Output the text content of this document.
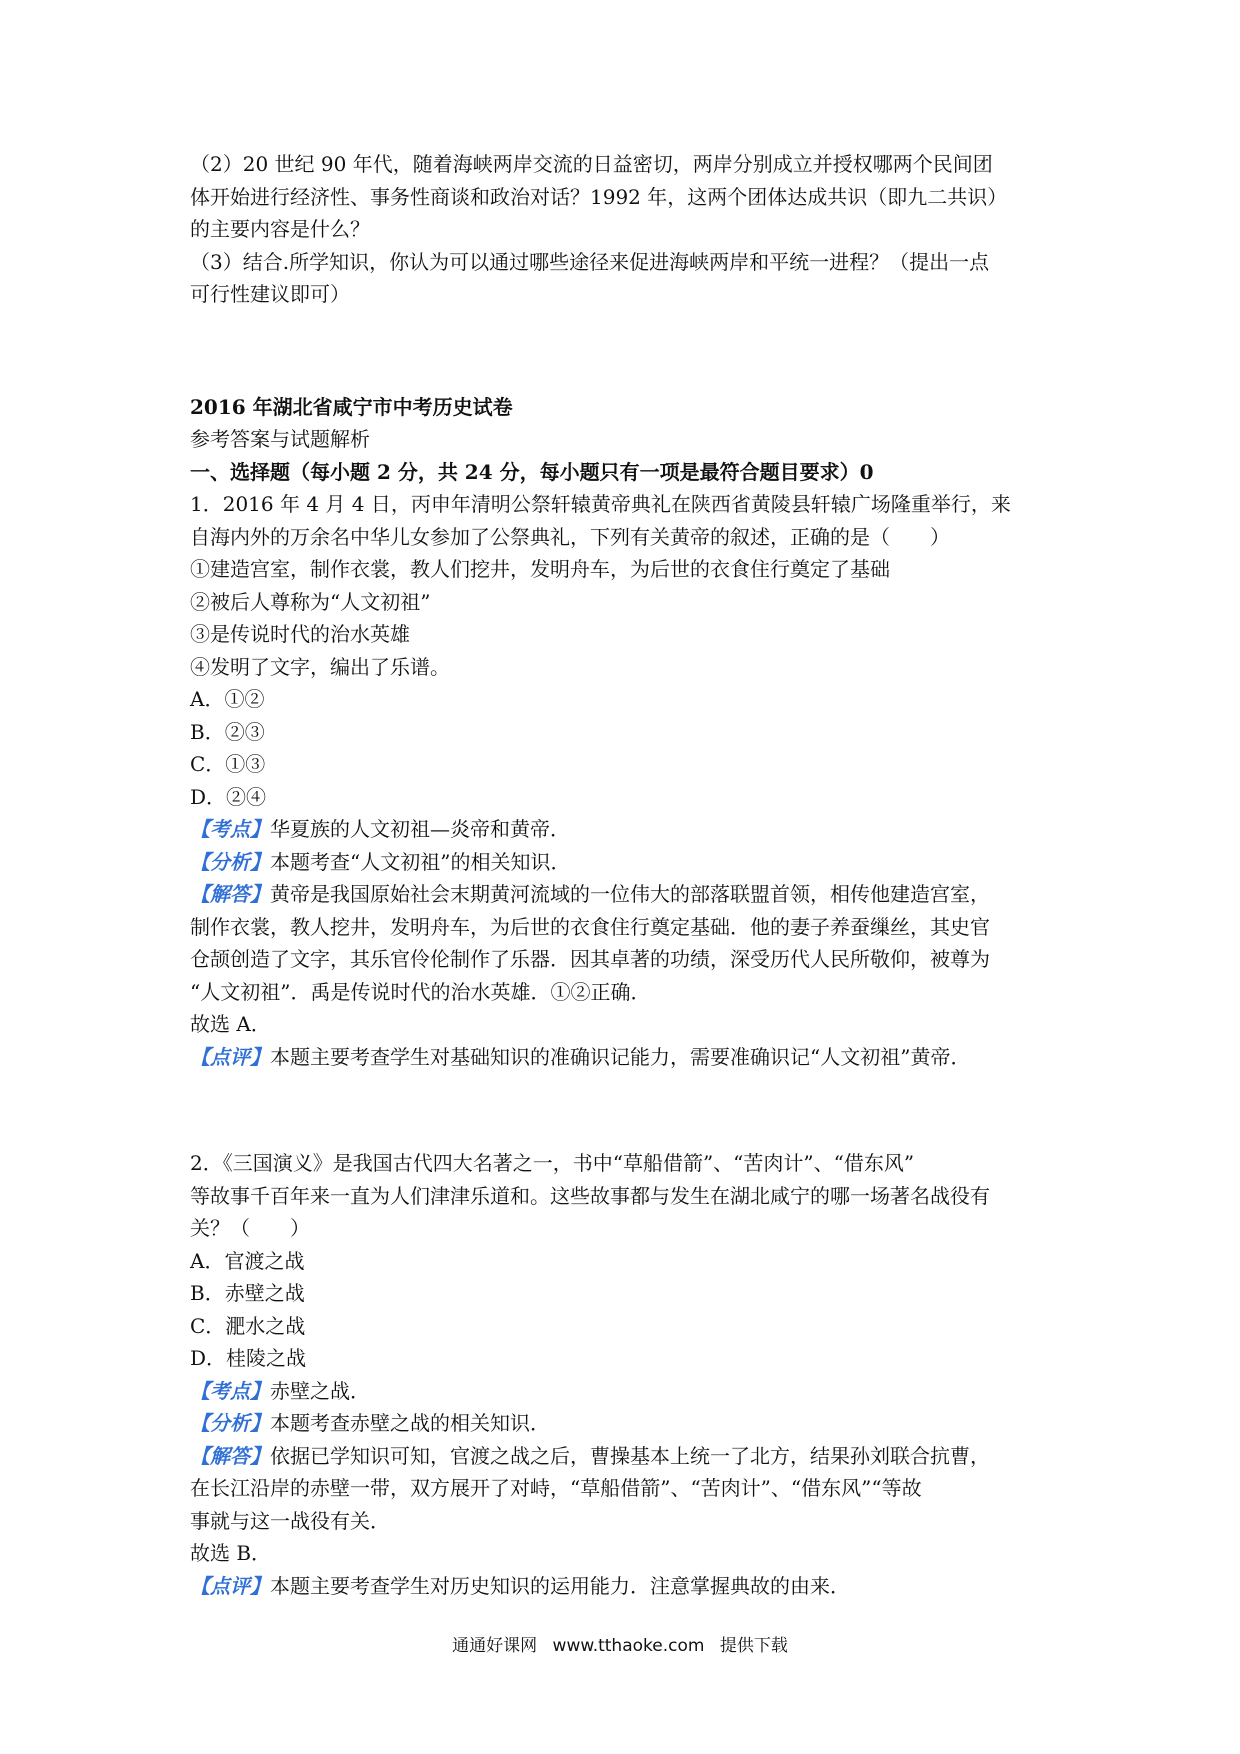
（2）20 世纪 90 年代，随着海峡两岸交流的日益密切，两岸分别成立并授权哪两个民间团
体开始进行经济性、事务性商谈和政治对话？1992 年，这两个团体达成共识（即九二共识）
的主要内容是什么？
（3）结合.所学知识，你认为可以通过哪些途径来促进海峡两岸和平统一进程？（提出一点
可行性建议即可）
2016 年湖北省咸宁市中考历史试卷
参考答案与试题解析
一、选择题（每小题 2 分，共 24 分，每小题只有一项是最符合题目要求）0
1．2016 年 4 月 4 日，丙申年清明公祭轩辕黄帝典礼在陕西省黄陵县轩辕广场隆重举行，来
自海内外的万余名中华儿女参加了公祭典礼，下列有关黄帝的叙述，正确的是（　　）
①建造宫室，制作衣裳，教人们挖井，发明舟车，为后世的衣食住行奠定了基础
②被后人尊称为“人文初祖”
③是传说时代的治水英雄
④发明了文字，编出了乐谱。
A．①②
B．②③
C．①③
D．②④
【考点】华夏族的人文初祖—炎帝和黄帝．
【分析】本题考查“人文初祖”的相关知识．
【解答】黄帝是我国原始社会末期黄河流域的一位伟大的部落联盟首领，相传他建造宫室，
制作衣裳，教人挖井，发明舟车，为后世的衣食住行奠定基础．他的妻子养蚕缫丝，其史官
仓颉创造了文字，其乐官伶伦制作了乐器．因其卓著的功绩，深受历代人民所敬仰，被尊为
“人文初祖”．禹是传说时代的治水英雄．①②正确．
故选 A．
【点评】本题主要考查学生对基础知识的准确识记能力，需要准确识记“人文初祖”黄帝．
2．《三国演义》是我国古代四大名著之一，书中“草船借箭”、“苦肉计”、“借东风”
等故事千百年来一直为人们津津乐道和。这些故事都与发生在湖北咸宁的哪一场著名战役有
关？（　　）
A．官渡之战
B．赤壁之战
C．淝水之战
D．桂陵之战
【考点】赤壁之战．
【分析】本题考查赤壁之战的相关知识．
【解答】依据已学知识可知，官渡之战之后，曹操基本上统一了北方，结果孙刘联合抗曹，
在长江沿岸的赤壁一带，双方展开了对峙，“草船借箭”、“苦肉计”、“借东风”“等故
事就与这一战役有关．
故选 B．
【点评】本题主要考查学生对历史知识的运用能力．注意掌握典故的由来．
通通好课网 www.tthaoke.com 提供下载
